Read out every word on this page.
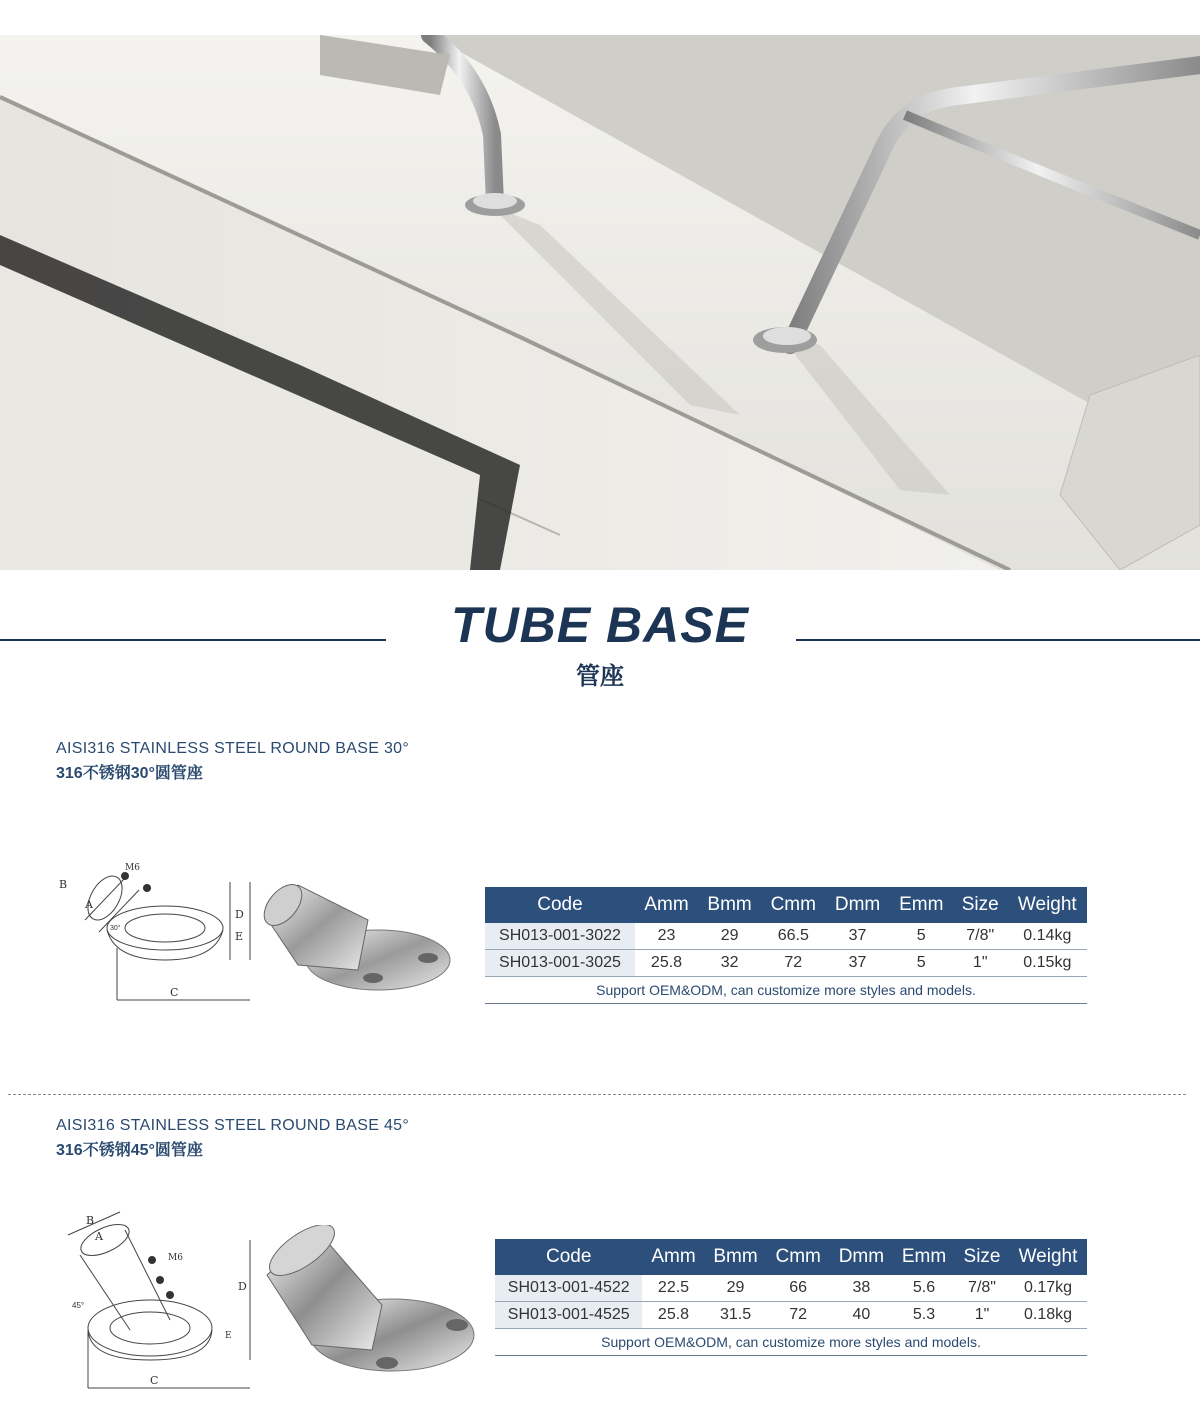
TUBE BASE
管座
AISI316 STAINLESS STEEL ROUND BASE 30°
316不锈钢30°圆管座
B
A
M6
30°
D
E
C
Code	Amm	Bmm	Cmm	Dmm	Emm	Size	Weight
SH013-001-3022	23	29	66.5	37	5	7/8"	0.14kg
SH013-001-3025	25.8	32	72	37	5	1"	0.15kg
Support OEM&ODM, can customize more styles and models.							
AISI316 STAINLESS STEEL ROUND BASE 45°
316不锈钢45°圆管座
B
A
M6
45°
D
E
C
Code	Amm	Bmm	Cmm	Dmm	Emm	Size	Weight
SH013-001-4522	22.5	29	66	38	5.6	7/8"	0.17kg
SH013-001-4525	25.8	31.5	72	40	5.3	1"	0.18kg
Support OEM&ODM, can customize more styles and models.							
